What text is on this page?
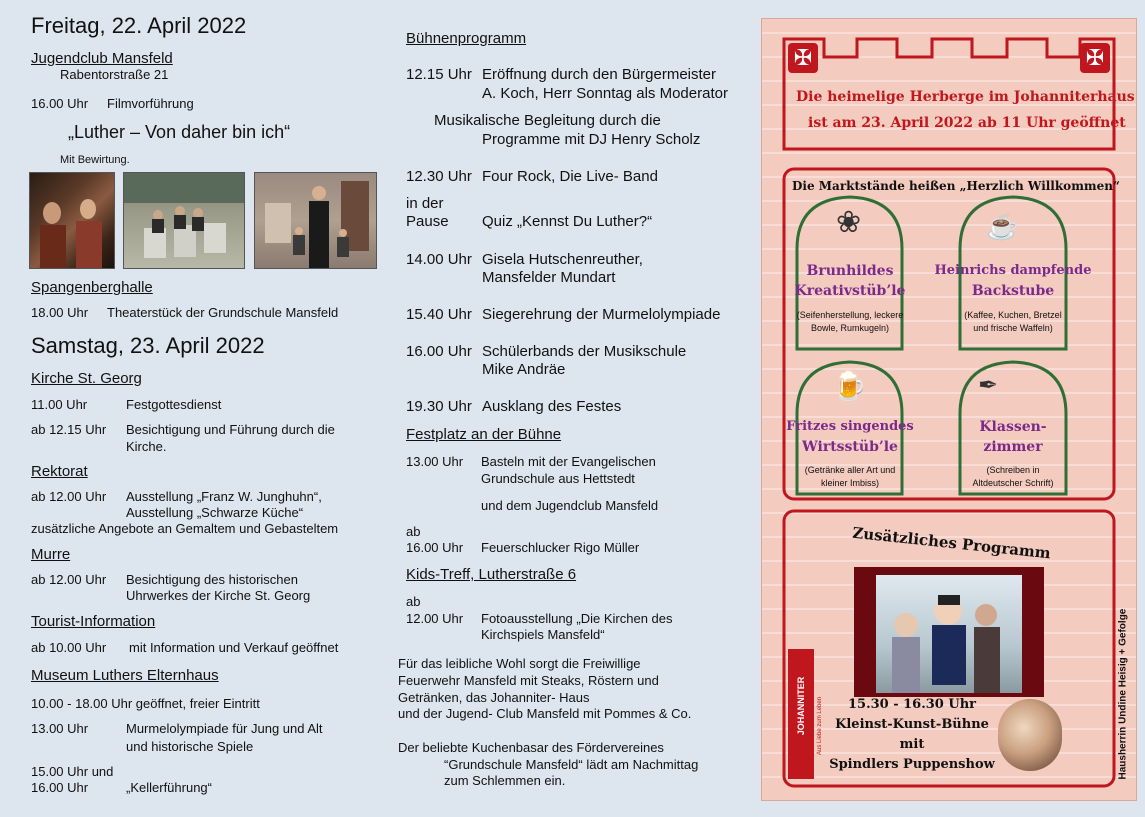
Freitag, 22. April 2022
Jugendclub Mansfeld
Rabentorstraße 21
16.00 Uhr Filmvorführung
„Luther – Von daher bin ich“
Mit Bewirtung.
Spangenberghalle
18.00 Uhr Theaterstück der Grundschule Mansfeld
Samstag, 23. April 2022
Kirche St. Georg
11.00 Uhr	Festgottesdienst
ab 12.15 Uhr Besichtigung und Führung durch die
Kirche.
Rektorat
ab 12.00 Uhr Ausstellung „Franz W. Junghuhn“,
Ausstellung „Schwarze Küche“
zusätzliche Angebote an Gemaltem und Gebasteltem
Murre
ab 12.00 Uhr Besichtigung des historischen
Uhrwerkes der Kirche St. Georg
Tourist-Information
ab 10.00 Uhr mit Information und Verkauf geöffnet
Museum Luthers Elternhaus
10.00 - 18.00 Uhr geöffnet, freier Eintritt
13.00 Uhr	Murmelolympiade für Jung und Alt
und historische Spiele
15.00 Uhr und
16.00 Uhr	„Kellerführung“
Bühnenprogramm
12.15 Uhr Eröffnung durch den Bürgermeister
A. Koch, Herr Sonntag als Moderator
Musikalische Begleitung durch die
Programme mit DJ Henry Scholz
12.30 Uhr Four Rock, Die Live- Band
in der
Pause Quiz „Kennst Du Luther?“
14.00 Uhr Gisela Hutschenreuther,
Mansfelder Mundart
15.40 Uhr Siegerehrung der Murmelolympiade
16.00 Uhr Schülerbands der Musikschule
Mike Andräe
19.30 Uhr Ausklang des Festes
Festplatz an der Bühne
13.00 Uhr Basteln mit der Evangelischen
Grundschule aus Hettstedt
und dem Jugendclub Mansfeld
ab
16.00 Uhr Feuerschlucker Rigo Müller
Kids-Treff, Lutherstraße 6
ab
12.00 Uhr Fotoausstellung „Die Kirchen des
Kirchspiels Mansfeld“
Für das leibliche Wohl sorgt die Freiwillige
Feuerwehr Mansfeld mit Steaks, Röstern und
Getränken, das Johanniter- Haus
und der Jugend- Club Mansfeld mit Pommes & Co.
Der beliebte Kuchenbasar des Fördervereines
“Grundschule Mansfeld“ lädt am Nachmittag
zum Schlemmen ein.
✠	✠
Die heimelige Herberge im Johanniterhaus
ist am 23. April 2022 ab 11 Uhr geöffnet
Die Marktstände heißen „Herzlich Willkommen“
❀
Brunhildes
Kreativstüb’le
(Seifenherstellung, leckere
Bowle, Rumkugeln)
☕
Heinrichs dampfende
Backstube
(Kaffee, Kuchen, Bretzel
und frische Waffeln)
🍺
Fritzes singendes
Wirtsstüb’le
(Getränke aller Art und
kleiner Imbiss)
✒
Klassen-
zimmer
(Schreiben in
Altdeutscher Schrift)
Zusätzliches Programm
JOHANNITER Aus Liebe zum Leben	15.30 - 16.30 Uhr
Kleinst-Kunst-Bühne
mit
Spindlers Puppenshow	Hausherrin Undine Heisig + Gefolge
